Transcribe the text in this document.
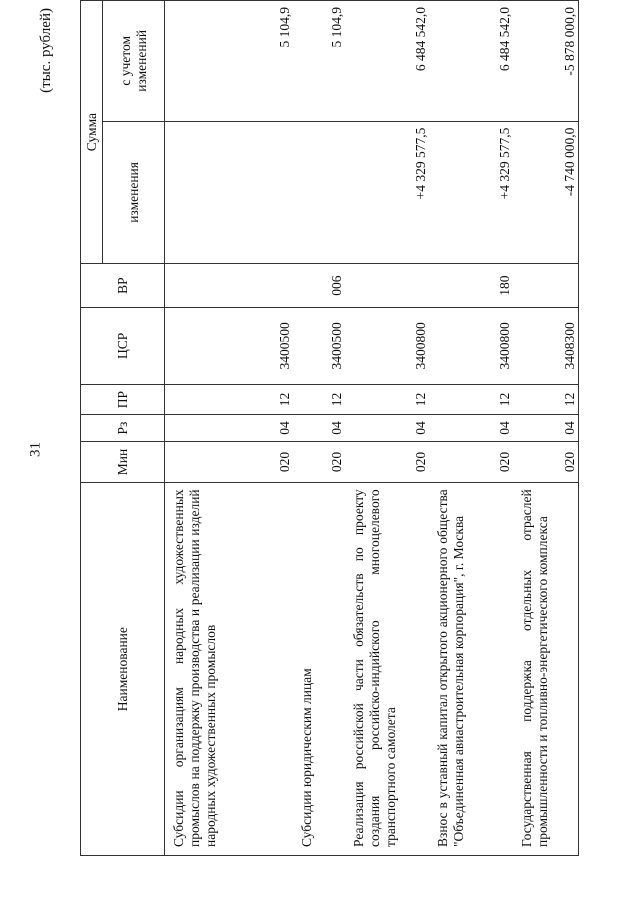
31
(тыс. рублей)
Наименование	Мин	Рз	ПР	ЦСР	ВР	Сумма	
						изменения	с учетом изменений
Субсидии организациям народных художественных промыслов на поддержку производства и реализации изделий народных художественных промыслов	020	04	12	3400500			5 104,9
Субсидии юридическим лицам	020	04	12	3400500	006		5 104,9
Реализация российской части обязательств по проекту создания российско-индийского многоцелевого транспортного самолета	020	04	12	3400800		+4 329 577,5	6 484 542,0
Взнос в уставный капитал открытого акционерного общества "Объединенная авиастроительная корпорация", г. Москва	020	04	12	3400800	180	+4 329 577,5	6 484 542,0
Государственная поддержка отдельных отраслей промышленности и топливно-энергетического комплекса	020	04	12	3408300		-4 740 000,0	-5 878 000,0
